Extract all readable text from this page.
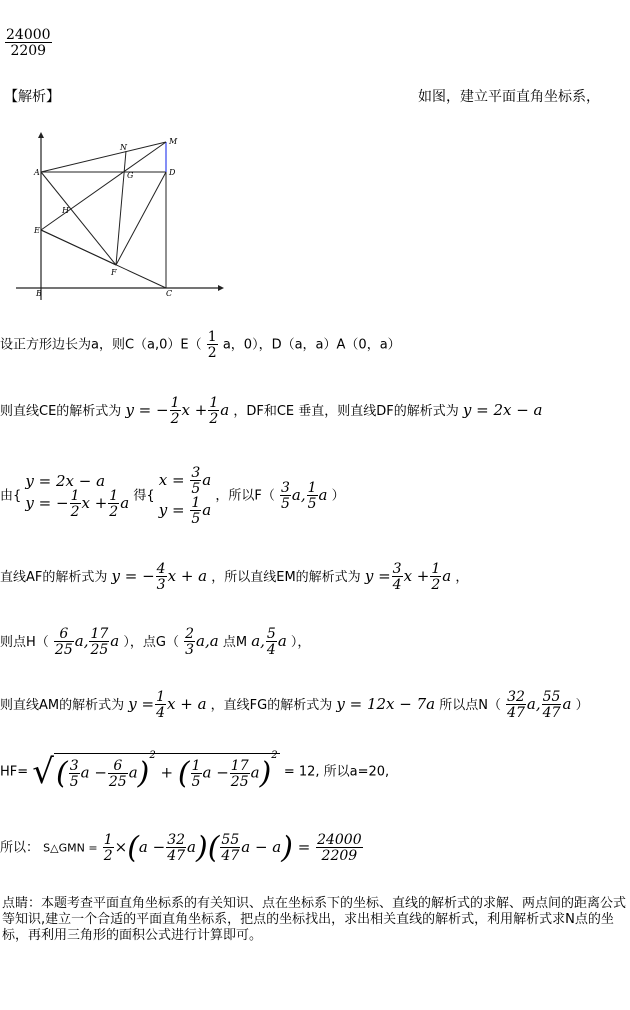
$\frac{24000}{2209}$
【解析】	如图，建立平面直角坐标系，
A
B	C
D
E
F
G
H
M
N
设正方形边长为a，则$C(a,0)E( \frac{1}{2}$ a，0），D（a，a）A（0，a）
则直线CE的解析式为 y = − $\frac{1}{2}$ $x + \frac{1}{2}$ a ，DF和CE 垂直，则直线DF的解析式为 y = 2x − a
由{
y = 2x − a
y = − $\frac{1}{2}$ $x + \frac{1}{2}$ a 得{
$x = \frac{3}{5}$ a
$y = \frac{1}{5}$ a
，所以$F( \frac{3}{5} a$, $\frac{1}{5}$ a ）
直线AF的解析式为 y = − $\frac{4}{3}$ x + a ，所以直线EM的解析式为 $y = \frac{3}{4}$ $x + \frac{1}{2}$ a ，
则点$H( \frac{6}{25} a$, $\frac{17}{25}$ a ），点$G( \frac{2}{3} a,a$ 点M a, $\frac{5}{4}$ a ），
则直线AM的解析式为 $y = \frac{1}{4}$ x + a ，直线FG的解析式为 y = 12x − 7a 所以点$N( \frac{32}{47} a$, $\frac{55}{47}$ a ）
HF= √( $\frac{3}{5}$ $a - \frac{6}{25} a)^2$ + ( $\frac{1}{5}$ $a - \frac{17}{25} a)^2 = 12$, 所以a=20,
所以： S△GMN = $\frac{1}{2} \times(a - \frac{32}{47} a)( \frac{55}{47}$ $a - a) = \frac{24000}{2209}$
点睛：本题考查平面直角坐标系的有关知识、点在坐标系下的坐标、直线的解析式的求解、两点间的距离公式等知识,建立一个合适的平面直角坐标系，把点的坐标找出，求出相关直线的解析式，利用解析式求N点的坐标，再利用三角形的面积公式进行计算即可。
